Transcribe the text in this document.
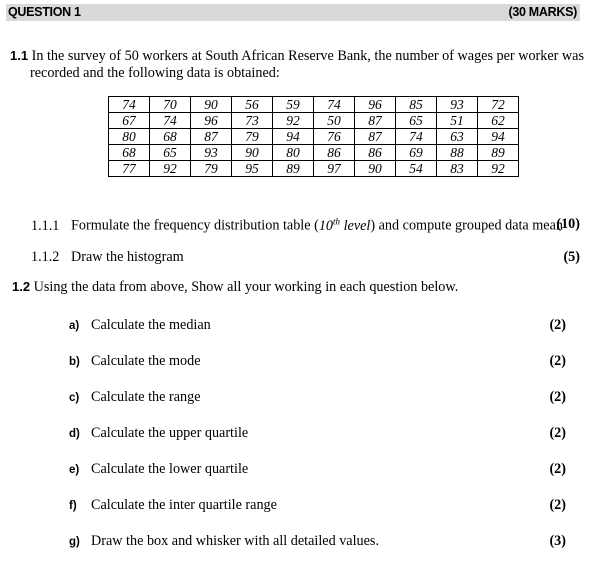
QUESTION 1	(30 MARKS)
1.1 In the survey of 50 workers at South African Reserve Bank, the number of wages per worker was
recorded and the following data is obtained:
74	70	90	56	59	74	96	85	93	72
67	74	96	73	92	50	87	65	51	62
80	68	87	79	94	76	87	74	63	94
68	65	93	90	80	86	86	69	88	89
77	92	79	95	89	97	90	54	83	92
1.1.1 Formulate the frequency distribution table (10th level) and compute grouped data mean
(10)
1.1.2 Draw the histogram	(5)
1.2 Using the data from above, Show all your working in each question below.
a) Calculate the median	(2)
b) Calculate the mode	(2)
c) Calculate the range	(2)
d) Calculate the upper quartile	(2)
e) Calculate the lower quartile	(2)
f) Calculate the inter quartile range	(2)
g) Draw the box and whisker with all detailed values.	(3)
